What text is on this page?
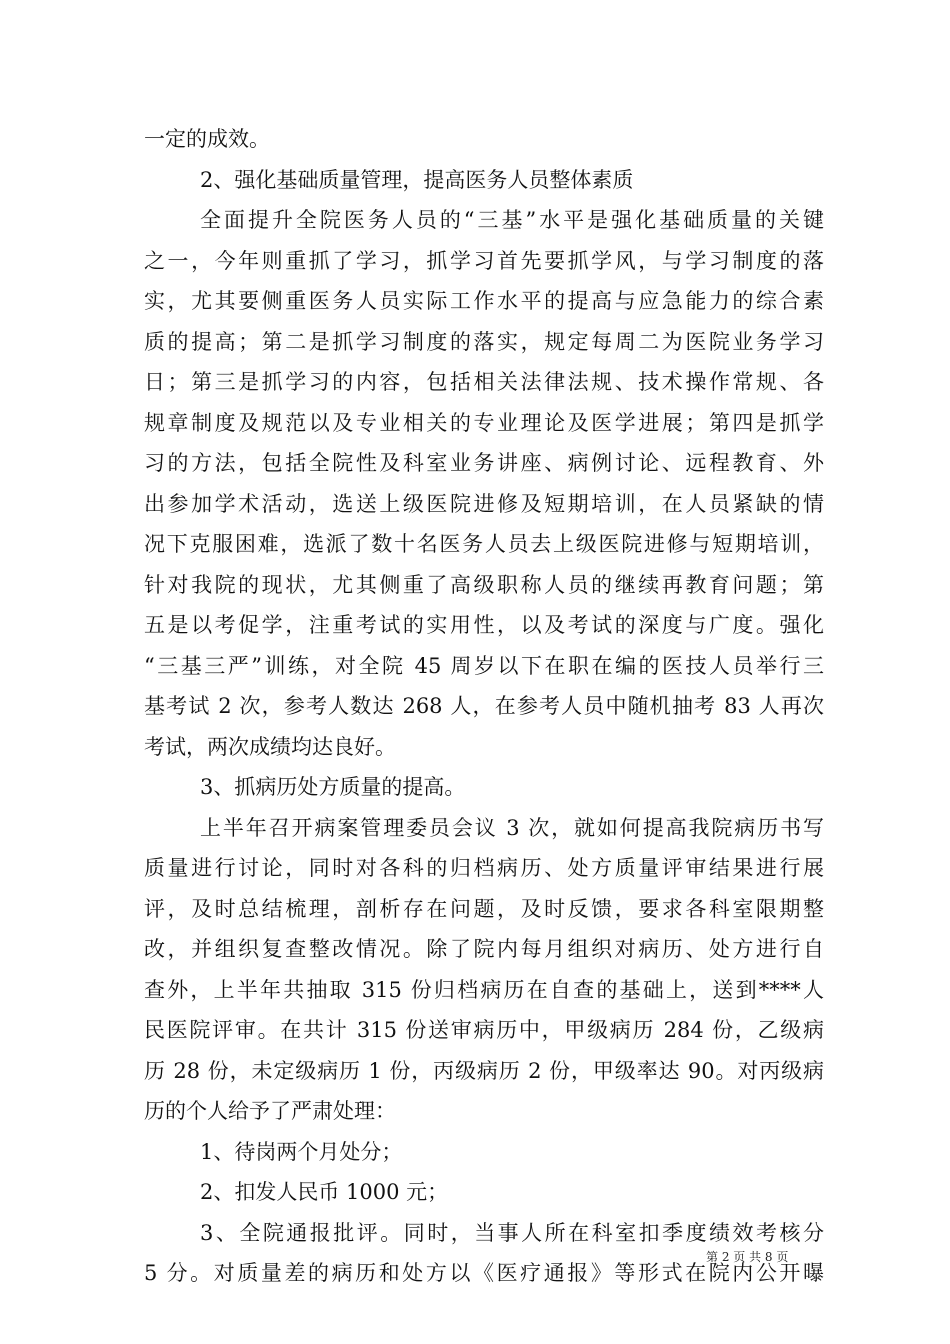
一定的成效。
2、强化基础质量管理，提高医务人员整体素质
全面提升全院医务人员的“三基”水平是强化基础质量的关键
之一，今年则重抓了学习，抓学习首先要抓学风，与学习制度的落
实，尤其要侧重医务人员实际工作水平的提高与应急能力的综合素
质的提高；第二是抓学习制度的落实，规定每周二为医院业务学习
日；第三是抓学习的内容，包括相关法律法规、技术操作常规、各
规章制度及规范以及专业相关的专业理论及医学进展；第四是抓学
习的方法，包括全院性及科室业务讲座、病例讨论、远程教育、外
出参加学术活动，选送上级医院进修及短期培训，在人员紧缺的情
况下克服困难，选派了数十名医务人员去上级医院进修与短期培训，
针对我院的现状，尤其侧重了高级职称人员的继续再教育问题；第
五是以考促学，注重考试的实用性，以及考试的深度与广度。强化
“三基三严”训练，对全院 45 周岁以下在职在编的医技人员举行三
基考试 2 次，参考人数达 268 人，在参考人员中随机抽考 83 人再次
考试，两次成绩均达良好。
3、抓病历处方质量的提高。
上半年召开病案管理委员会议 3 次，就如何提高我院病历书写
质量进行讨论，同时对各科的归档病历、处方质量评审结果进行展
评，及时总结梳理，剖析存在问题，及时反馈，要求各科室限期整
改，并组织复查整改情况。除了院内每月组织对病历、处方进行自
查外，上半年共抽取 315 份归档病历在自查的基础上，送到****人
民医院评审。在共计 315 份送审病历中，甲级病历 284 份，乙级病
历 28 份，未定级病历 1 份，丙级病历 2 份，甲级率达 90。对丙级病
历的个人给予了严肃处理：
1、待岗两个月处分；
2、扣发人民币 1000 元；
3、全院通报批评。同时，当事人所在科室扣季度绩效考核分
5 分。对质量差的病历和处方以《医疗通报》等形式在院内公开曝
第 2 页 共 8 页
